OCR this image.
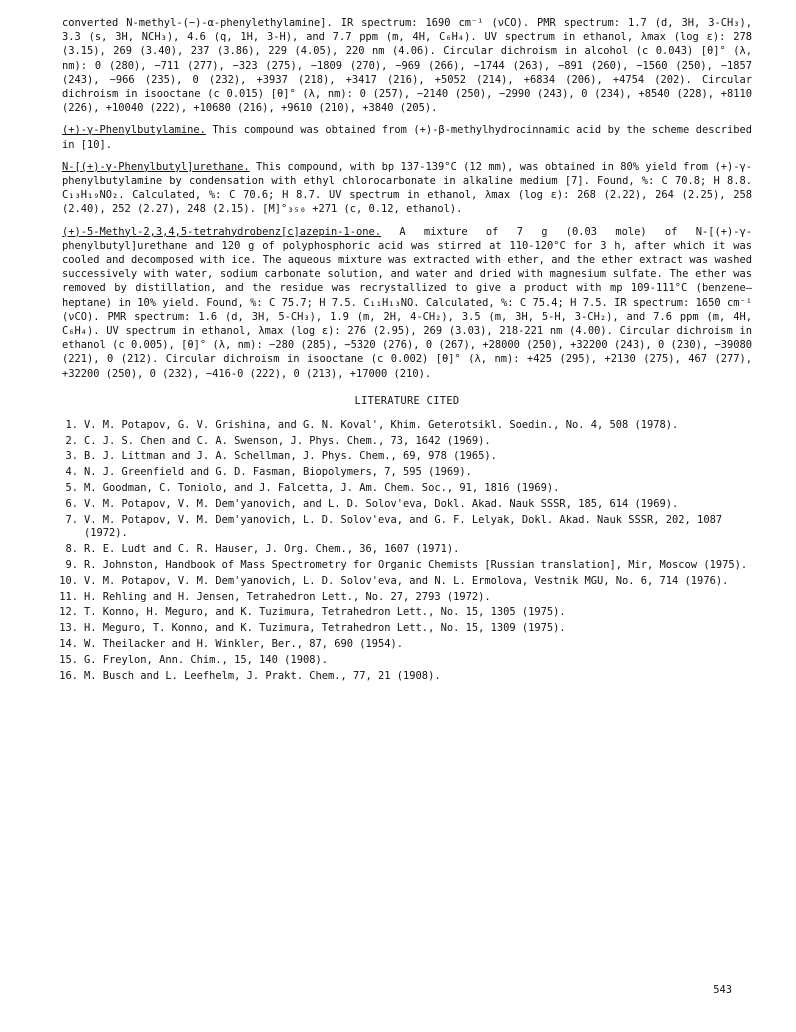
converted N-methyl-(−)-α-phenylethylamine]. IR spectrum: 1690 cm⁻¹ (νCO). PMR spectrum: 1.7 (d, 3H, 3-CH₃), 3.3 (s, 3H, NCH₃), 4.6 (q, 1H, 3-H), and 7.7 ppm (m, 4H, C₆H₄). UV spectrum in ethanol, λmax (log ε): 278 (3.15), 269 (3.40), 237 (3.86), 229 (4.05), 220 nm (4.06). Circular dichroism in alcohol (c 0.043) [θ]° (λ, nm): 0 (280), −711 (277), −323 (275), −1809 (270), −969 (266), −1744 (263), −891 (260), −1560 (250), −1857 (243), −966 (235), 0 (232), +3937 (218), +3417 (216), +5052 (214), +6834 (206), +4754 (202). Circular dichroism in isooctane (c 0.015) [θ]° (λ, nm): 0 (257), −2140 (250), −2990 (243), 0 (234), +8540 (228), +8110 (226), +10040 (222), +10680 (216), +9610 (210), +3840 (205).

(+)-γ-Phenylbutylamine. This compound was obtained from (+)-β-methylhydrocinnamic acid by the scheme described in [10].

N-[(+)-γ-Phenylbutyl]urethane. This compound, with bp 137-139°C (12 mm), was obtained in 80% yield from (+)-γ-phenylbutylamine by condensation with ethyl chlorocarbonate in alkaline medium [7]. Found, %: C 70.8; H 8.8. C₁₃H₁₉NO₂. Calculated, %: C 70.6; H 8.7. UV spectrum in ethanol, λmax (log ε): 268 (2.22), 264 (2.25), 258 (2.40), 252 (2.27), 248 (2.15). [M]°₃₅₀ +271 (c, 0.12, ethanol).

(+)-5-Methyl-2,3,4,5-tetrahydrobenz[c]azepin-1-one. A mixture of 7 g (0.03 mole) of N-[(+)-γ-phenylbutyl]urethane and 120 g of polyphosphoric acid was stirred at 110-120°C for 3 h, after which it was cooled and decomposed with ice. The aqueous mixture was extracted with ether, and the ether extract was washed successively with water, sodium carbonate solution, and water and dried with magnesium sulfate. The ether was removed by distillation, and the residue was recrystallized to give a product with mp 109-111°C (benzene–heptane) in 10% yield. Found, %: C 75.7; H 7.5. C₁₁H₁₃NO. Calculated, %: C 75.4; H 7.5. IR spectrum: 1650 cm⁻¹ (νCO). PMR spectrum: 1.6 (d, 3H, 5-CH₃), 1.9 (m, 2H, 4-CH₂), 3.5 (m, 3H, 5-H, 3-CH₂), and 7.6 ppm (m, 4H, C₆H₄). UV spectrum in ethanol, λmax (log ε): 276 (2.95), 269 (3.03), 218-221 nm (4.00). Circular dichroism in ethanol (c 0.005), [θ]° (λ, nm): −280 (285), −5320 (276), 0 (267), +28000 (250), +32200 (243), 0 (230), −39080 (221), 0 (212). Circular dichroism in isooctane (c 0.002) [θ]° (λ, nm): +425 (295), +2130 (275), 467 (277), +32200 (250), 0 (232), −416-0 (222), 0 (213), +17000 (210).

LITERATURE CITED
1. V. M. Potapov, G. V. Grishina, and G. N. Koval', Khim. Geterotsikl. Soedin., No. 4, 508 (1978).
2. C. J. S. Chen and C. A. Swenson, J. Phys. Chem., 73, 1642 (1969).
3. B. J. Littman and J. A. Schellman, J. Phys. Chem., 69, 978 (1965).
4. N. J. Greenfield and G. D. Fasman, Biopolymers, 7, 595 (1969).
5. M. Goodman, C. Toniolo, and J. Falcetta, J. Am. Chem. Soc., 91, 1816 (1969).
6. V. M. Potapov, V. M. Dem'yanovich, and L. D. Solov'eva, Dokl. Akad. Nauk SSSR, 185, 614 (1969).
7. V. M. Potapov, V. M. Dem'yanovich, L. D. Solov'eva, and G. F. Lelyak, Dokl. Akad. Nauk SSSR, 202, 1087 (1972).
8. R. E. Ludt and C. R. Hauser, J. Org. Chem., 36, 1607 (1971).
9. R. Johnston, Handbook of Mass Spectrometry for Organic Chemists [Russian translation], Mir, Moscow (1975).
10. V. M. Potapov, V. M. Dem'yanovich, L. D. Solov'eva, and N. L. Ermolova, Vestnik MGU, No. 6, 714 (1976).
11. H. Rehling and H. Jensen, Tetrahedron Lett., No. 27, 2793 (1972).
12. T. Konno, H. Meguro, and K. Tuzimura, Tetrahedron Lett., No. 15, 1305 (1975).
13. H. Meguro, T. Konno, and K. Tuzimura, Tetrahedron Lett., No. 15, 1309 (1975).
14. W. Theilacker and H. Winkler, Ber., 87, 690 (1954).
15. G. Freylon, Ann. Chim., 15, 140 (1908).
16. M. Busch and L. Leefhelm, J. Prakt. Chem., 77, 21 (1908).
543
